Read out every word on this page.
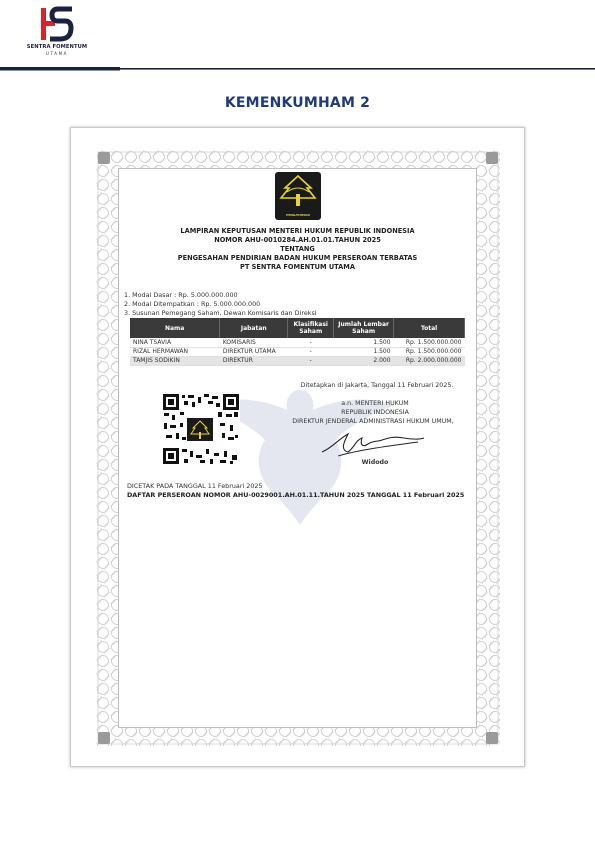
SENTRA FOMENTUM
UTAMA
KEMENKUMHAM 2
PENGAYOMAN
LAMPIRAN KEPUTUSAN MENTERI HUKUM REPUBLIK INDONESIA
NOMOR AHU-0010284.AH.01.01.TAHUN 2025
TENTANG
PENGESAHAN PENDIRIAN BADAN HUKUM PERSEROAN TERBATAS
PT SENTRA FOMENTUM UTAMA
1. Modal Dasar : Rp. 5.000.000.000
2. Modal Ditempatkan : Rp. 5.000.000.000
3. Susunan Pemegang Saham, Dewan Komisaris dan Direksi
Nama	Jabatan	Klasifikasi Saham	Jumlah Lembar Saham	Total
NINA TSAVIA	KOMISARIS	-	1.500	Rp. 1.500.000.000
RIZAL HERMAWAN	DIREKTUR UTAMA	-	1.500	Rp. 1.500.000.000
TAMJIS SODIKIN	DIREKTUR	-	2.000	Rp. 2.000.000.000
Ditetapkan di Jakarta, Tanggal 11 Februari 2025.
a.n. MENTERI HUKUM
REPUBLIK INDONESIA
DIREKTUR JENDERAL ADMINISTRASI HUKUM UMUM,
Widodo
DICETAK PADA TANGGAL 11 Februari 2025
DAFTAR PERSEROAN NOMOR AHU-0029001.AH.01.11.TAHUN 2025 TANGGAL 11 Februari 2025
